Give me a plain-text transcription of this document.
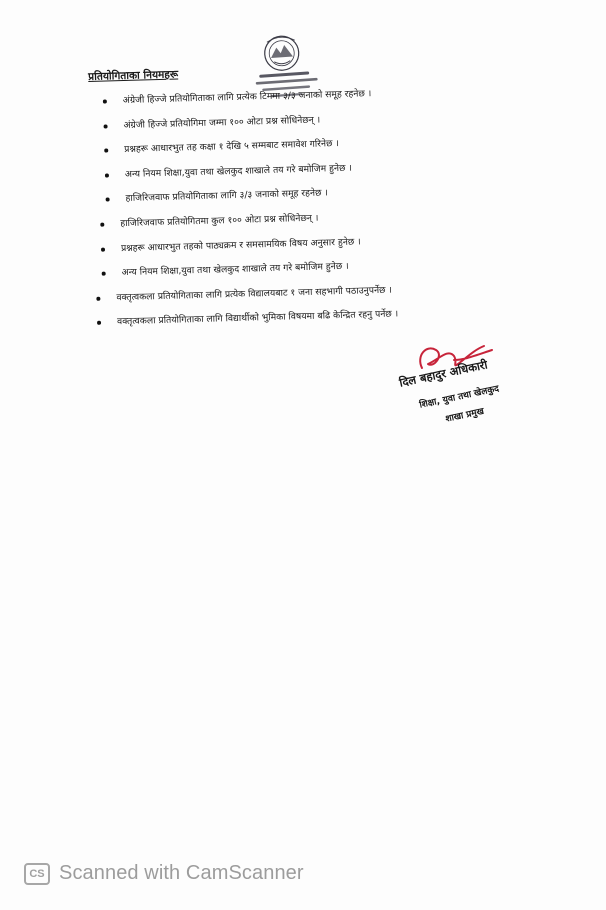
प्रतियोगिताका नियमहरू
अंग्रेजी हिज्जे प्रतियोगिताका लागि प्रत्येक टिममा ३/३ जनाको समूह रहनेछ ।
अंग्रेजी हिज्जे प्रतियोगिमा जम्मा १०० ओटा प्रश्न सोधिनेछन् ।
प्रश्नहरू आधारभुत तह कक्षा १ देखि ५ सम्मबाट समावेश गरिनेछ ।
अन्य नियम शिक्षा,युवा तथा खेलकुद शाखाले तय गरे बमोजिम हुनेछ ।
हाजिरिजवाफ प्रतियोगिताका लागि ३/३ जनाको समूह रहनेछ ।
हाजिरिजवाफ प्रतियोगितमा कुल १०० ओटा प्रश्न सोधिनेछन् ।
प्रश्नहरू आधारभुत तहको पाठ्यक्रम र समसामयिक विषय अनुसार हुनेछ ।
अन्य नियम शिक्षा,युवा तथा खेलकुद शाखाले तय गरे बमोजिम हुनेछ ।
वक्तृत्वकला प्रतियोगिताका लागि प्रत्येक विद्यालयबाट १ जना सहभागी पठाउनुपर्नेछ ।
वक्तृत्वकला प्रतियोगिताका लागि विद्यार्थीको भुमिका विषयमा बढि केन्द्रित रहनु पर्नेछ ।
दिल बहादुर अधिकारी
शिक्षा, युवा तथा खेलकुद
शाखा प्रमुख
CS Scanned with CamScanner
